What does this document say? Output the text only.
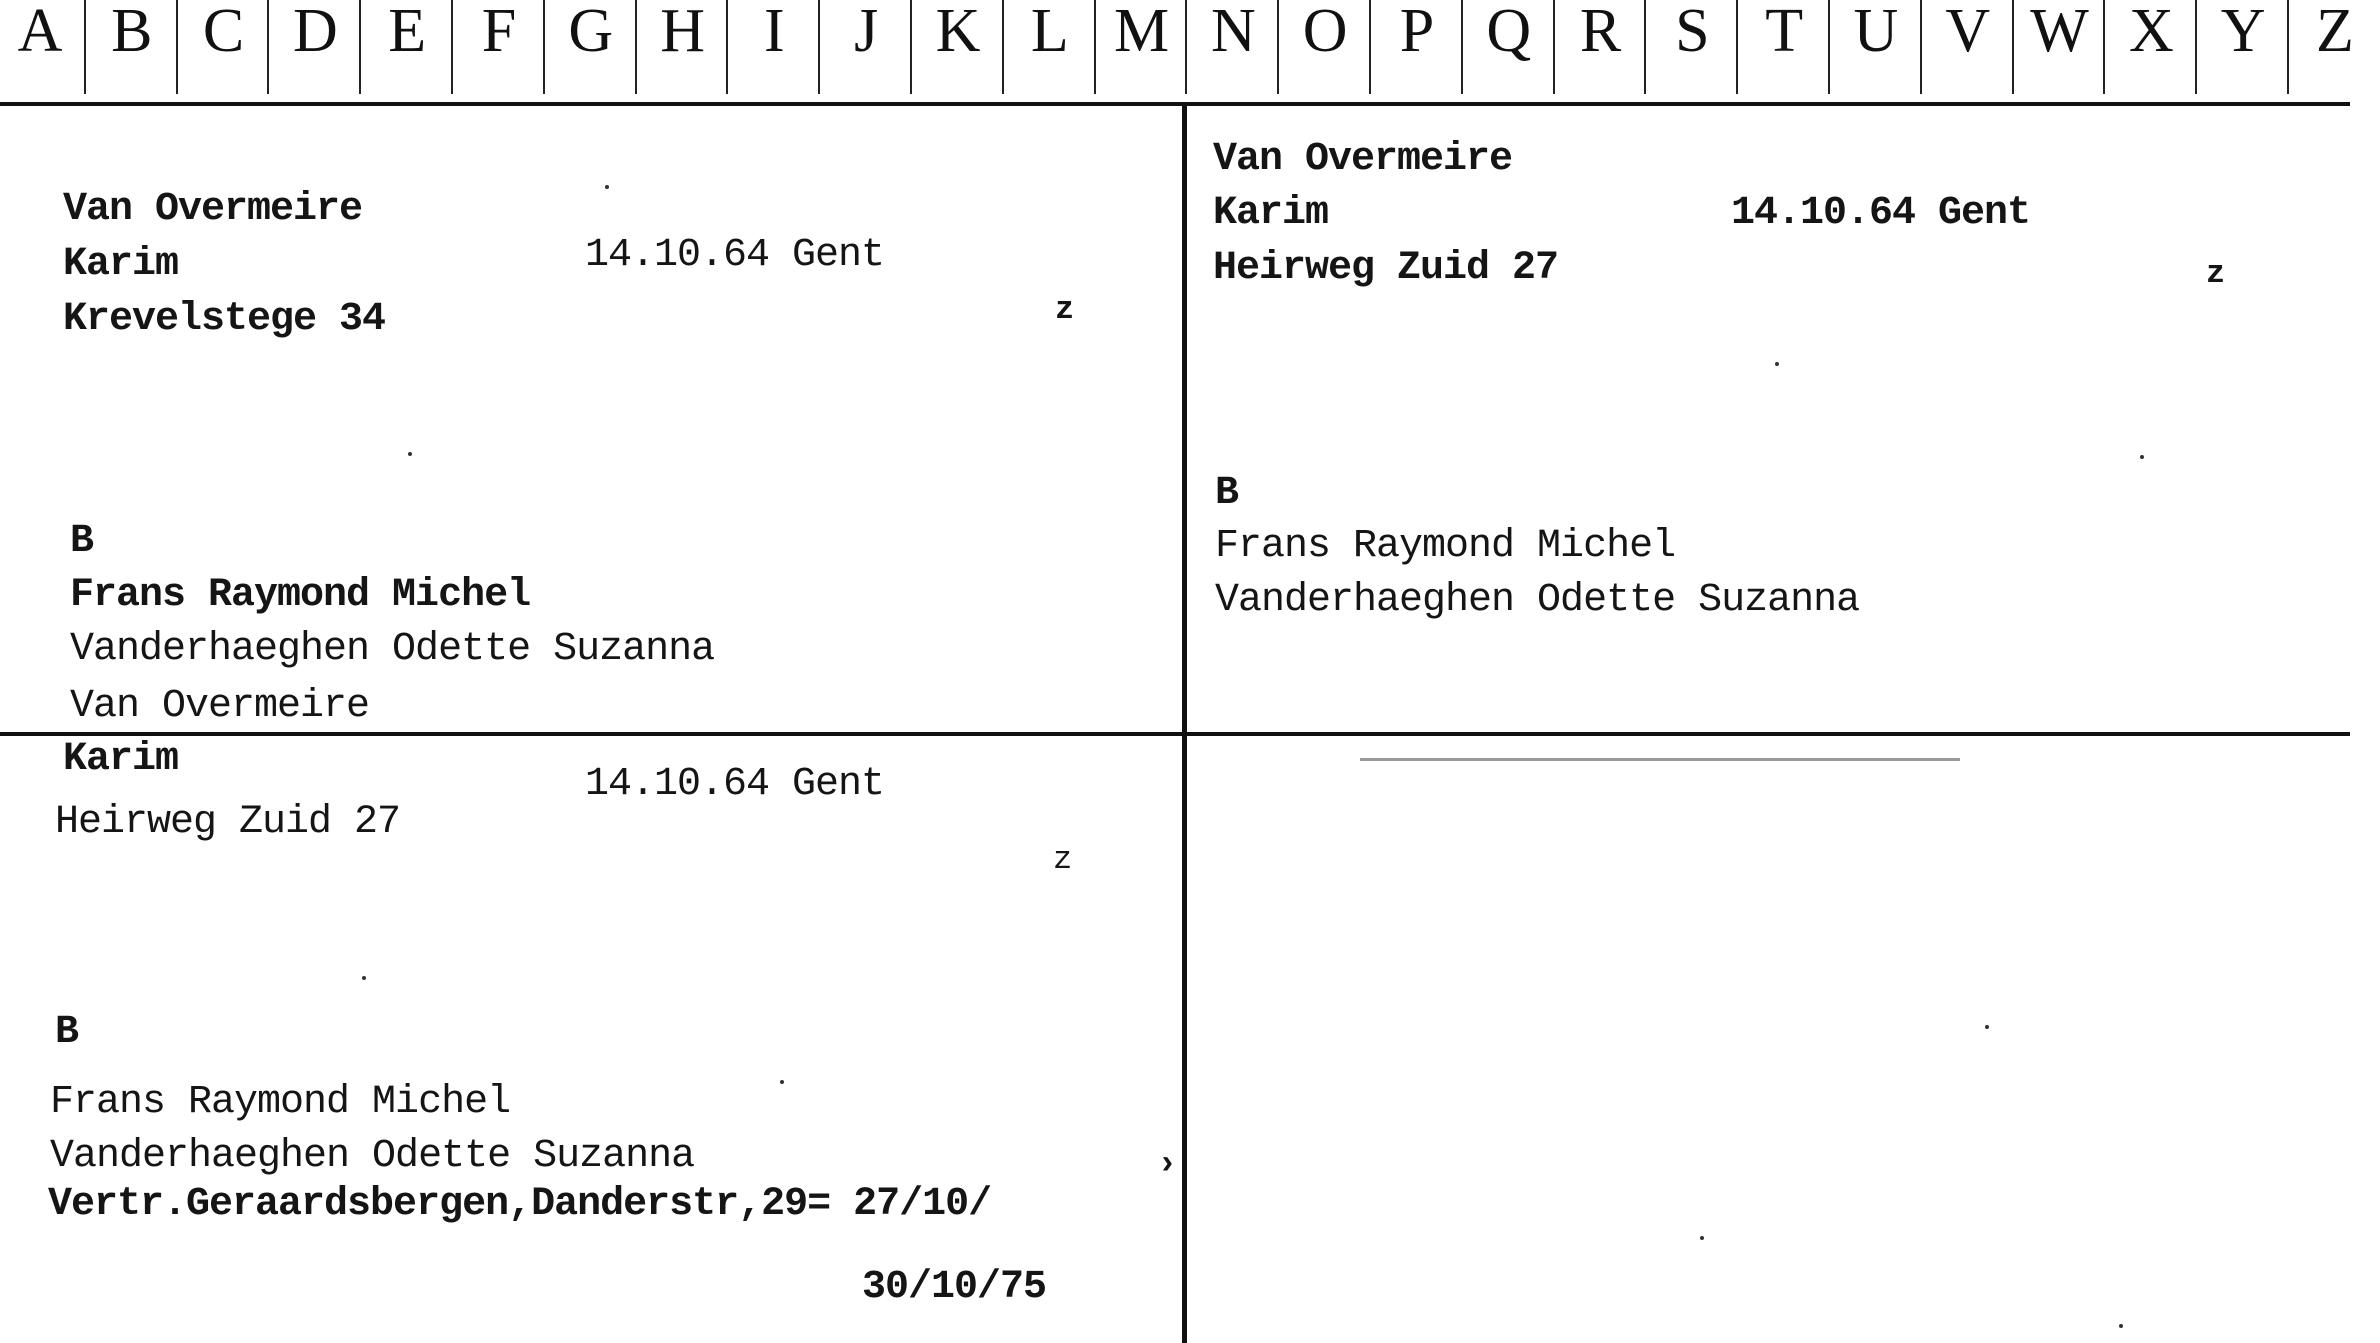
A B C D E F G H I	J K L M N O P Q R S T U V W X Y Z
Van Overmeire
Karim	14.10.64 Gent
Krevelstege 34	z
B
Frans Raymond Michel
Vanderhaeghen Odette Suzanna
Van Overmeire
Van Overmeire
Karim	14.10.64 Gent
Heirweg Zuid 27	z
B
Frans Raymond Michel
Vanderhaeghen Odette Suzanna
Karim
14.10.64 Gent
Heirweg Zuid 27
z
B
Frans Raymond Michel
Vanderhaeghen Odette Suzanna
Vertr.Geraardsbergen,Danderstr,29= 27/10/
30/10/75
›
